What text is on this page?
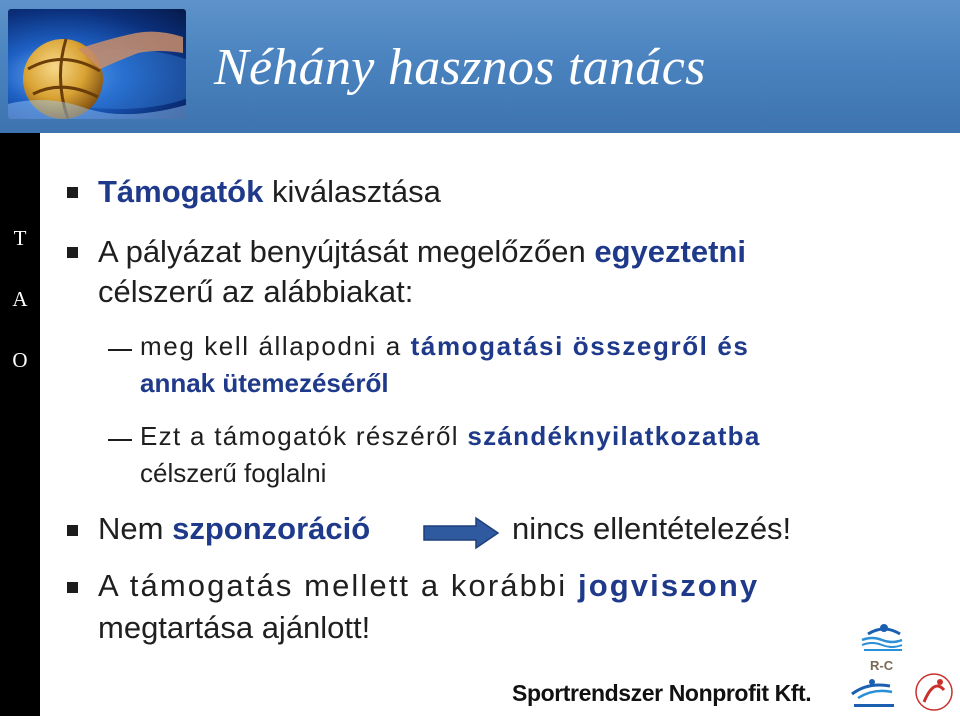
Néhány hasznos tanács
T
A
O

Támogatók kiválasztása

A pályázat benyújtását megelőzően egyeztetni

célszerű az alábbiakat:

meg kell állapodni a támogatási összegről és

annak ütemezéséről

Ezt a támogatók részéről szándéknyilatkozatba

célszerű foglalni

Nem szponzoráció	nincs ellentételezés!

A támogatás mellett a korábbi jogviszony

megtartása ajánlott!

R-C

Sportrendszer Nonprofit Kft.
